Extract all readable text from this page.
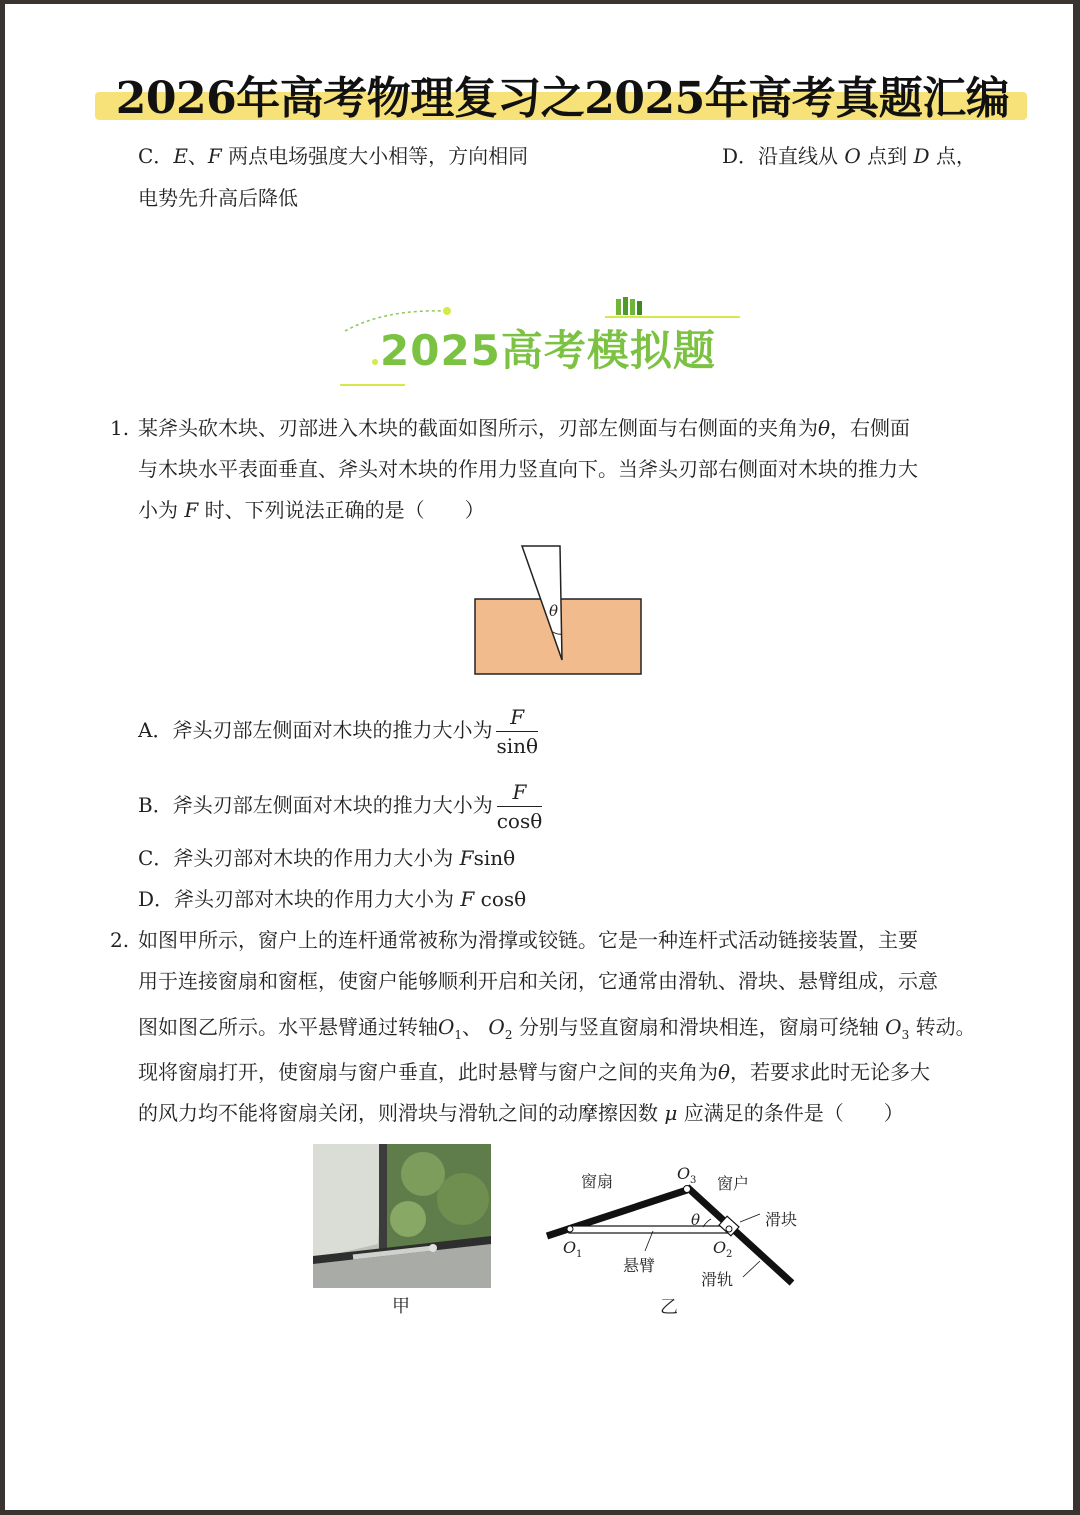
2026年高考物理复习之2025年高考真题汇编
C．E、F 两点电场强度大小相等，方向相同	D．沿直线从 O 点到 D 点，
电势先升高后降低
2025高考模拟题
1. 某斧头砍木块、刃部进入木块的截面如图所示，刃部左侧面与右侧面的夹角为θ，右侧面
与木块水平表面垂直、斧头对木块的作用力竖直向下。当斧头刃部右侧面对木块的推力大
小为 F 时、下列说法正确的是（　　）
θ
A．斧头刃部左侧面对木块的推力大小为 $\frac{F}{\sin\theta}$
B．斧头刃部左侧面对木块的推力大小为 $\frac{F}{\cos\theta}$
C．斧头刃部对木块的作用力大小为 Fsinθ
D．斧头刃部对木块的作用力大小为 F cosθ
2. 如图甲所示，窗户上的连杆通常被称为滑撑或铰链。它是一种连杆式活动链接装置，主要
用于连接窗扇和窗框，使窗户能够顺利开启和关闭，它通常由滑轨、滑块、悬臂组成，示意
图如图乙所示。水平悬臂通过转轴$O_1$、 $O_2$ 分别与竖直窗扇和滑块相连，窗扇可绕轴 $O_3$ 转动。
现将窗扇打开，使窗扇与窗户垂直，此时悬臂与窗户之间的夹角为θ，若要求此时无论多大
的风力均不能将窗扇关闭，则滑块与滑轨之间的动摩擦因数 μ 应满足的条件是（　　）
甲
窗扇	窗户
滑块
悬臂
滑轨
O 3
O 1	O 2
θ
乙
